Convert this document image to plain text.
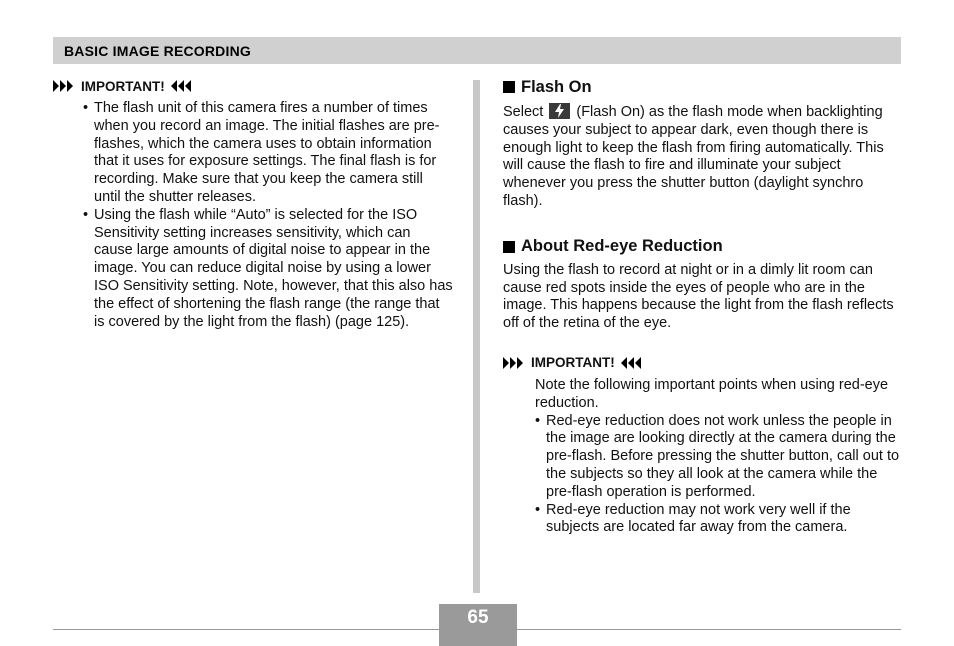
BASIC IMAGE RECORDING
IMPORTANT!
• The flash unit of this camera fires a number of times when you record an image. The initial flashes are pre-flashes, which the camera uses to obtain information that it uses for exposure settings. The final flash is for recording. Make sure that you keep the camera still until the shutter releases.
• Using the flash while “Auto” is selected for the ISO Sensitivity setting increases sensitivity, which can cause large amounts of digital noise to appear in the image. You can reduce digital noise by using a lower ISO Sensitivity setting. Note, however, that this also has the effect of shortening the flash range (the range that is covered by the light from the flash) (page 125).
Flash On
Select (Flash On) as the flash mode when backlighting causes your subject to appear dark, even though there is enough light to keep the flash from firing automatically. This will cause the flash to fire and illuminate your subject whenever you press the shutter button (daylight synchro flash).
About Red-eye Reduction
Using the flash to record at night or in a dimly lit room can cause red spots inside the eyes of people who are in the image. This happens because the light from the flash reflects off of the retina of the eye.
IMPORTANT!
Note the following important points when using red-eye reduction.
• Red-eye reduction does not work unless the people in the image are looking directly at the camera during the pre-flash. Before pressing the shutter button, call out to the subjects so they all look at the camera while the pre-flash operation is performed.
• Red-eye reduction may not work very well if the subjects are located far away from the camera.
65
